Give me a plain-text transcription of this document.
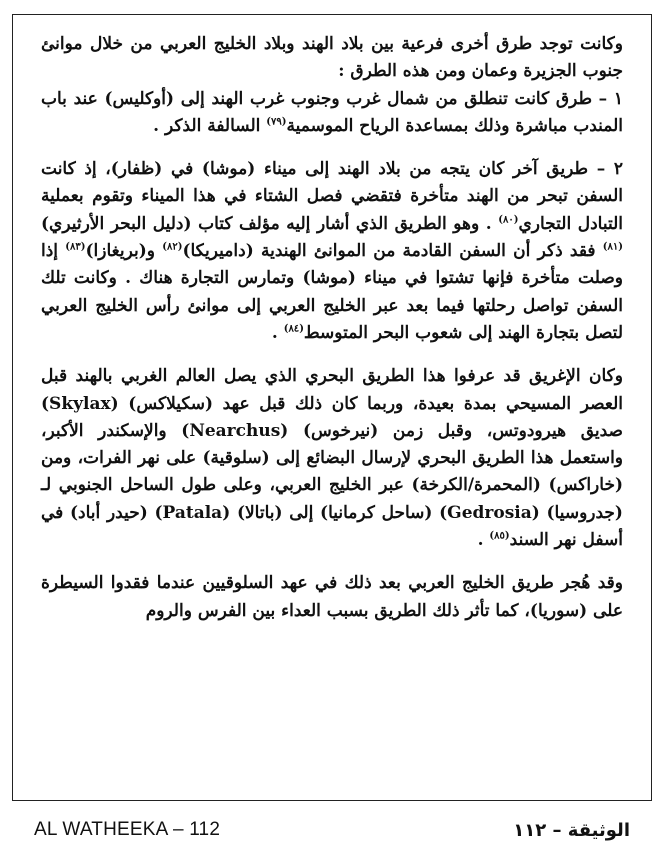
وكانت توجد طرق أخرى فرعية بين بلاد الهند وبلاد الخليج العربي من خلال موانئ جنوب الجزيرة وعمان ومن هذه الطرق :

١ – طرق كانت تنطلق من شمال غرب وجنوب غرب الهند إلى (أوكليس) عند باب المندب مباشرة وذلك بمساعدة الرياح الموسمية$^{(٧٩)}$ السالفة الذكر .

٢ – طريق آخر كان يتجه من بلاد الهند إلى ميناء (موشا) في (ظفار)، إذ كانت السفن تبحر من الهند متأخرة فتقضي فصل الشتاء في هذا الميناء وتقوم بعملية التبادل التجاري$^{(٨٠)}$ . وهو الطريق الذي أشار إليه مؤلف كتاب (دليل البحر الأرثيري)$^{(٨١)}$ فقد ذكر أن السفن القادمة من الموانئ الهندية (داميريكا)$^{(٨٢)}$ و(بريغازا)$^{(٨٣)}$ إذا وصلت متأخرة فإنها تشتوا في ميناء (موشا) وتمارس التجارة هناك . وكانت تلك السفن تواصل رحلتها فيما بعد عبر الخليج العربي إلى موانئ رأس الخليج العربي لتصل بتجارة الهند إلى شعوب البحر المتوسط$^{(٨٤)}$ .

وكان الإغريق قد عرفوا هذا الطريق البحري الذي يصل العالم الغربي بالهند قبل العصر المسيحي بمدة بعيدة، وربما كان ذلك قبل عهد (سكيلاكس) (Skylax) صديق هيرودوتس، وقبل زمن (نيرخوس) (Nearchus) والإسكندر الأكبر، واستعمل هذا الطريق البحري لإرسال البضائع إلى (سلوقية) على نهر الفرات، ومن (خاراكس) (المحمرة/الكرخة) عبر الخليج العربي، وعلى طول الساحل الجنوبي لـ (جدروسيا) (Gedrosia) (ساحل كرمانيا) إلى (باتالا) (Patala) (حيدر أباد) في أسفل نهر السند$^{(٨٥)}$ .

وقد هُجر طريق الخليج العربي بعد ذلك في عهد السلوقيين عندما فقدوا السيطرة على (سوريا)، كما تأثر ذلك الطريق بسبب العداء بين الفرس والروم

AL WATHEEKA – 112	الوثيقة – ١١٢
